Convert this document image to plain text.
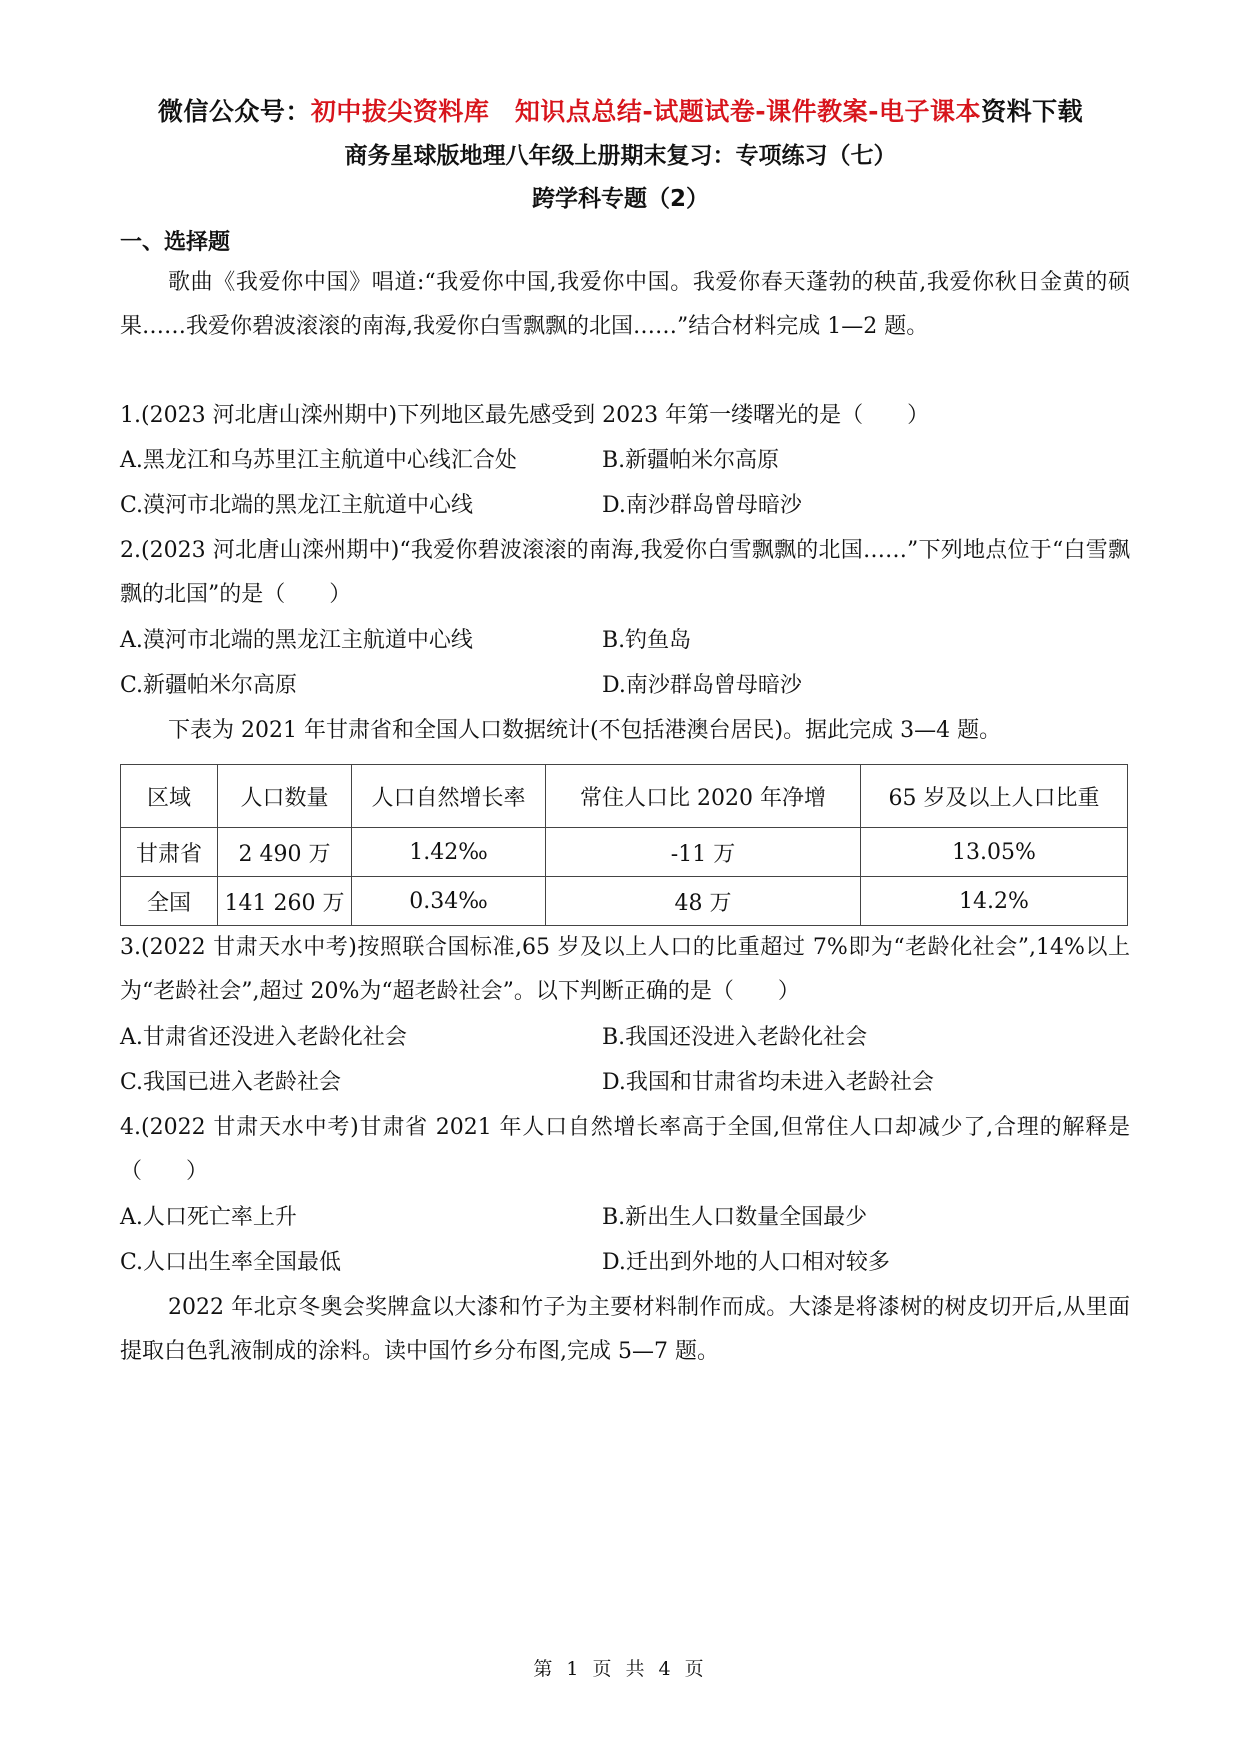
微信公众号：初中拔尖资料库　知识点总结-试题试卷-课件教案-电子课本资料下载
商务星球版地理八年级上册期末复习：专项练习（七）
跨学科专题（2）
一、选择题
歌曲《我爱你中国》唱道:“我爱你中国,我爱你中国。我爱你春天蓬勃的秧苗,我爱你秋日金黄的硕果……我爱你碧波滚滚的南海,我爱你白雪飘飘的北国……”结合材料完成 1—2 题。
1.(2023 河北唐山滦州期中)下列地区最先感受到 2023 年第一缕曙光的是（　　）
A.黑龙江和乌苏里江主航道中心线汇合处	B.新疆帕米尔高原
C.漠河市北端的黑龙江主航道中心线	D.南沙群岛曾母暗沙
2.(2023 河北唐山滦州期中)“我爱你碧波滚滚的南海,我爱你白雪飘飘的北国……”下列地点位于“白雪飘飘的北国”的是（　　）
A.漠河市北端的黑龙江主航道中心线	B.钓鱼岛
C.新疆帕米尔高原	D.南沙群岛曾母暗沙
下表为 2021 年甘肃省和全国人口数据统计(不包括港澳台居民)。据此完成 3—4 题。
区域	人口数量	人口自然增长率	常住人口比 2020 年净增	65 岁及以上人口比重
甘肃省	2 490 万	1.42‰	-11 万	13.05%
全国	141 260 万	0.34‰	48 万	14.2%
3.(2022 甘肃天水中考)按照联合国标准,65 岁及以上人口的比重超过 7%即为“老龄化社会”,14%以上为“老龄社会”,超过 20%为“超老龄社会”。以下判断正确的是（　　）
A.甘肃省还没进入老龄化社会	B.我国还没进入老龄化社会
C.我国已进入老龄社会	D.我国和甘肃省均未进入老龄社会
4.(2022 甘肃天水中考)甘肃省 2021 年人口自然增长率高于全国,但常住人口却减少了,合理的解释是（　　）
A.人口死亡率上升	B.新出生人口数量全国最少
C.人口出生率全国最低	D.迁出到外地的人口相对较多
2022 年北京冬奥会奖牌盒以大漆和竹子为主要材料制作而成。大漆是将漆树的树皮切开后,从里面提取白色乳液制成的涂料。读中国竹乡分布图,完成 5—7 题。
第 1 页 共 4 页
